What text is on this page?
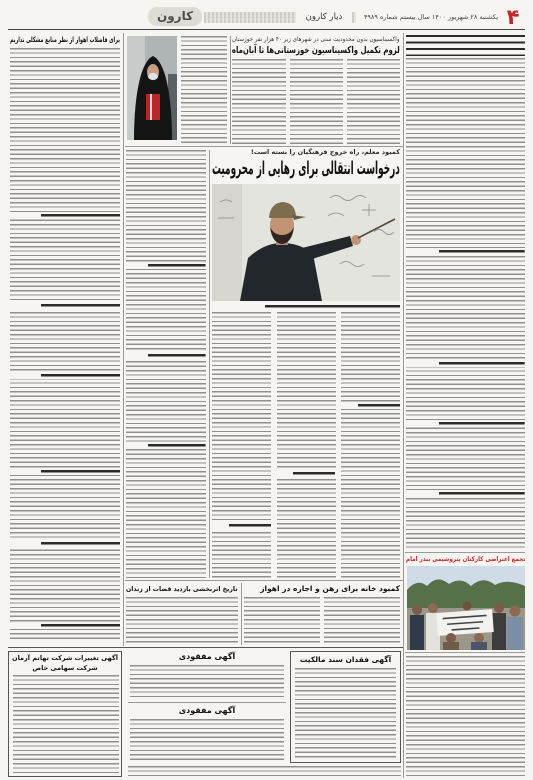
۴
یکشنبه ۲۸ شهریور ۱۴۰۰ سال بیستم شماره ۴۹۸۹
دیار کارون
کارون
برای فاضلاب اهواز از نظر منابع مشکلی نداریم	واکسیناسیون بدون محدودیت سنی در شهرهای زیر ۴۰ هزار نفر خوزستان
لزوم تکمیل واکسیناسیون خوزستانی‌ها تا آبان‌ماه
کمبود معلم، راه خروج فرهنگیان را بسته است!
درخواست انتقالی برای رهایی از محرومیت
تاریخ اثربخشی بازدید قضات از زندان	کمبود خانه برای رهن و اجاره در اهواز
تجمع اعتراضی کارکنان پتروشیمی بندر امام
آگهی فقدان سند مالکیت
آگهی مفقودی
آگهی مفقودی
آگهی تغییرات شرکت تهاتم آرمان شرکت سهامی خاص
